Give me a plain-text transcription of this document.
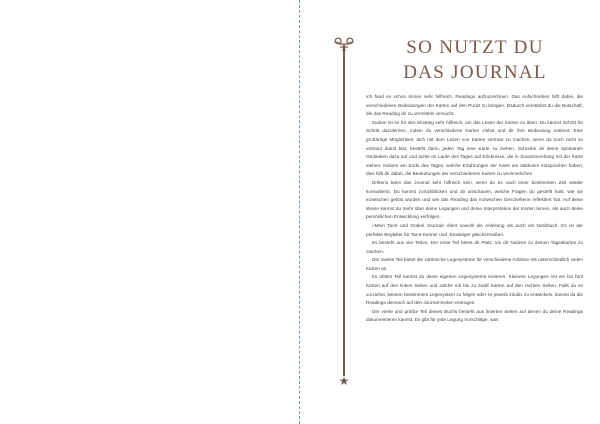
★
SO NUTZT DU DAS JOURNAL

Ich fand es schon immer sehr hilfreich, Readings aufzuzeichnen. Das Aufschreiben hilft dabei, die verschiedenen Bedeutungen der Karten auf den Punkt zu bringen. Dadurch verstärkst du die Botschaft, die das Reading dir zu vermitteln versucht.

Zudem ist es für den Einstieg sehr hilfreich, um das Lesen der Karten zu üben. Du kannst Schritt für Schritt dazulernen, indem du verschiedene Karten ziehst und dir ihre Bedeutung notierst. Eine großartige Möglichkeit, dich mit dem Lesen von Karten vertraut zu machen, wenn du noch nicht so vertraut damit bist, besteht darin, jeden Tag eine Karte zu ziehen. Schreibe dir deine spontanen Gedanken dazu auf und achte im Laufe des Tages auf Erlebnisse, die in Zusammenhang mit der Karte stehen. Notiere am Ende des Tages, welche Erfahrungen der Karte am stärksten entsprochen haben; dies hilft dir dabei, die Bedeutungen der verschiedenen Karten zu verinnerlichen.

Drittens kann das Journal sehr hilfreich sein, wenn du es nach einer bestimmten Zeit wieder konsultierst. Du kannst zurückblicken und dir anschauen, welche Fragen du gestellt hast, wie sie inzwischen gelöst wurden und wie das Reading das inzwischen Geschehene reflektiert hat. Auf diese Weise kannst du mehr über deine Legungen und deine Interpretation der Karten lernen, als auch deine persönlichen Entwicklung verfolgen.

»Mein Tarot und Orakel Journal« dient sowohl als Anleitung als auch als Notizbuch. Es ist der perfekte Begleiter für Tarot-Kenner und -Einsteiger gleichermaßen.

Es besteht aus vier Teilen. Der erste Teil bietet dir Platz, um dir Notizen zu deinen Tageskarten zu machen.

Der zweite Teil bietet die zahlreiche Legesysteme für verschiedene Anlässe mit unterschiedlich vielen Karten an.

Im dritten Teil kannst du deine eigenen Legesysteme kreieren. Kleinere Legungen mit ein bis fünf Karten auf den linken Seiten und solche mit bis zu zwölf Karten auf den rechten Seiten. Falls du es vorziehst, keinem bestimmten Legesystem zu folgen oder es jeweils intuitiv zu entwickeln, kannst du die Readings dennoch auf den Journal-Seiten eintragen.

Der vierte und größte Teil dieses Buchs besteht aus linierten Seiten auf denen du deine Readings dokumentieren kannst. Es gibt für jede Legung Vorschläge, was
